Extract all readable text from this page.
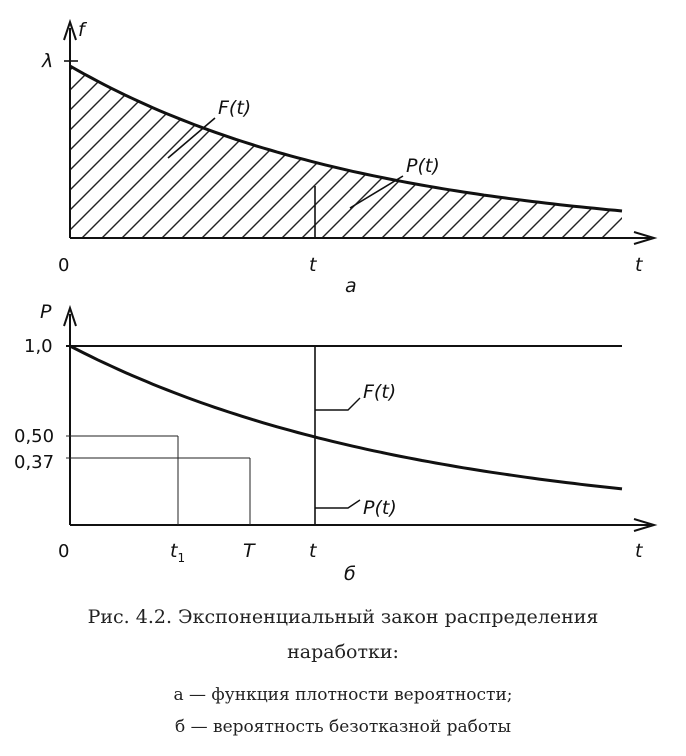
f
λ
0	t	t
F(t)
P(t)
а
P
1,0
0,50
0,37
0	$t_1$	T	t	t
F(t)
P(t)
б
Рис. 4.2. Экспоненциальный закон распределения
наработки:
а — функция плотности вероятности;
б — вероятность безотказной работы
